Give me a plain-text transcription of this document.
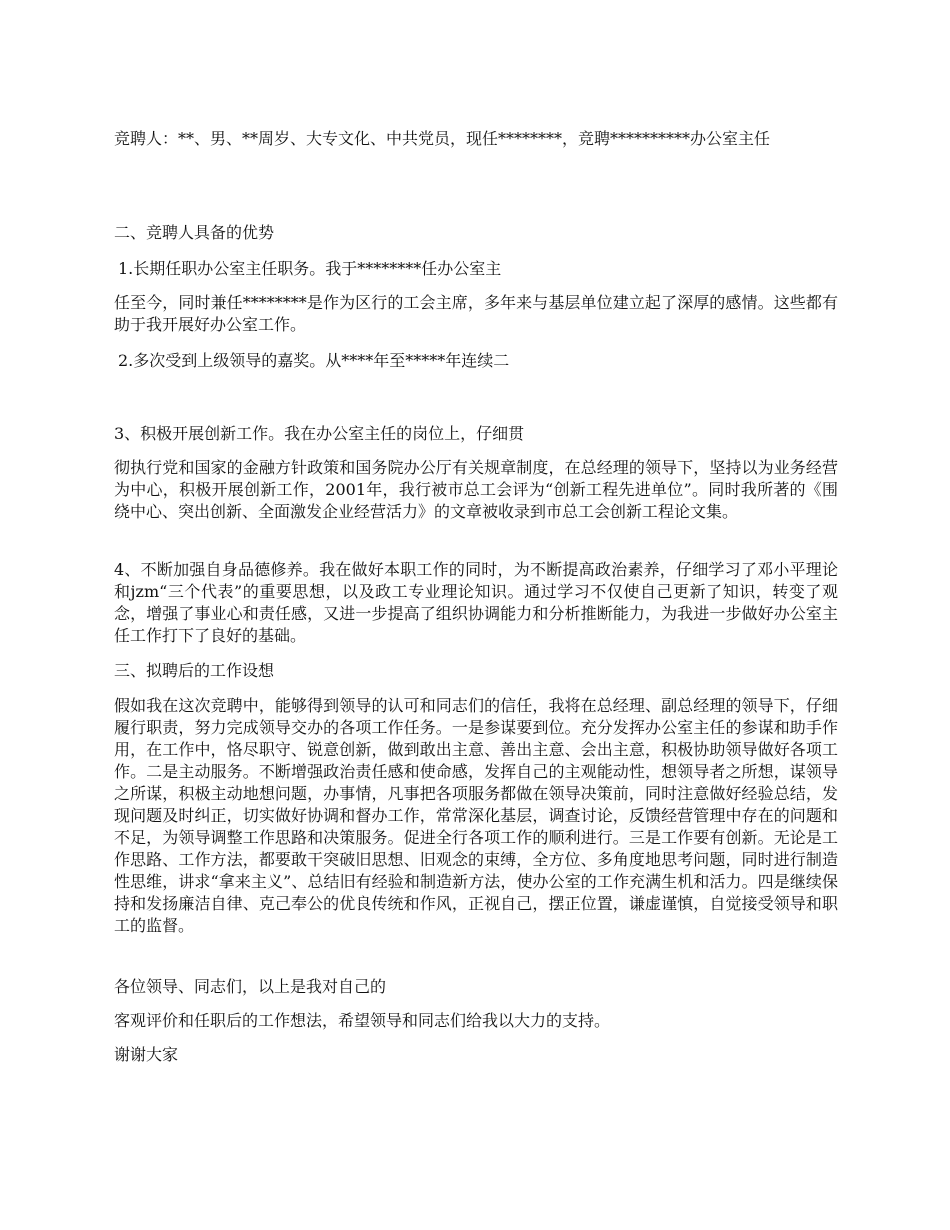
竞聘人：**、男、**周岁、大专文化、中共党员，现任********，竞聘**********办公室主任

二、竞聘人具备的优势

1.长期任职办公室主任职务。我于********任办公室主

任至今，同时兼任********是作为区行的工会主席，多年来与基层单位建立起了深厚的感情。这些都有助于我开展好办公室工作。

2.多次受到上级领导的嘉奖。从****年至*****年连续二

3、积极开展创新工作。我在办公室主任的岗位上，仔细贯

彻执行党和国家的金融方针政策和国务院办公厅有关规章制度，在总经理的领导下，坚持以为业务经营为中心，积极开展创新工作，2001年，我行被市总工会评为“创新工程先进单位”。同时我所著的《围绕中心、突出创新、全面激发企业经营活力》的文章被收录到市总工会创新工程论文集。

4、不断加强自身品德修养。我在做好本职工作的同时，为不断提高政治素养，仔细学习了邓小平理论和jzm“三个代表”的重要思想，以及政工专业理论知识。通过学习不仅使自己更新了知识，转变了观念，增强了事业心和责任感，又进一步提高了组织协调能力和分析推断能力，为我进一步做好办公室主任工作打下了良好的基础。

三、拟聘后的工作设想

假如我在这次竞聘中，能够得到领导的认可和同志们的信任，我将在总经理、副总经理的领导下，仔细履行职责，努力完成领导交办的各项工作任务。一是参谋要到位。充分发挥办公室主任的参谋和助手作用，在工作中，恪尽职守、锐意创新，做到敢出主意、善出主意、会出主意，积极协助领导做好各项工作。二是主动服务。不断增强政治责任感和使命感，发挥自己的主观能动性，想领导者之所想，谋领导之所谋，积极主动地想问题，办事情，凡事把各项服务都做在领导决策前，同时注意做好经验总结，发现问题及时纠正，切实做好协调和督办工作，常常深化基层，调查讨论，反馈经营管理中存在的问题和不足，为领导调整工作思路和决策服务。促进全行各项工作的顺利进行。三是工作要有创新。无论是工作思路、工作方法，都要敢干突破旧思想、旧观念的束缚，全方位、多角度地思考问题，同时进行制造性思维，讲求“拿来主义”、总结旧有经验和制造新方法，使办公室的工作充满生机和活力。四是继续保持和发扬廉洁自律、克己奉公的优良传统和作风，正视自己，摆正位置，谦虚谨慎，自觉接受领导和职工的监督。

各位领导、同志们，以上是我对自己的

客观评价和任职后的工作想法，希望领导和同志们给我以大力的支持。

谢谢大家
